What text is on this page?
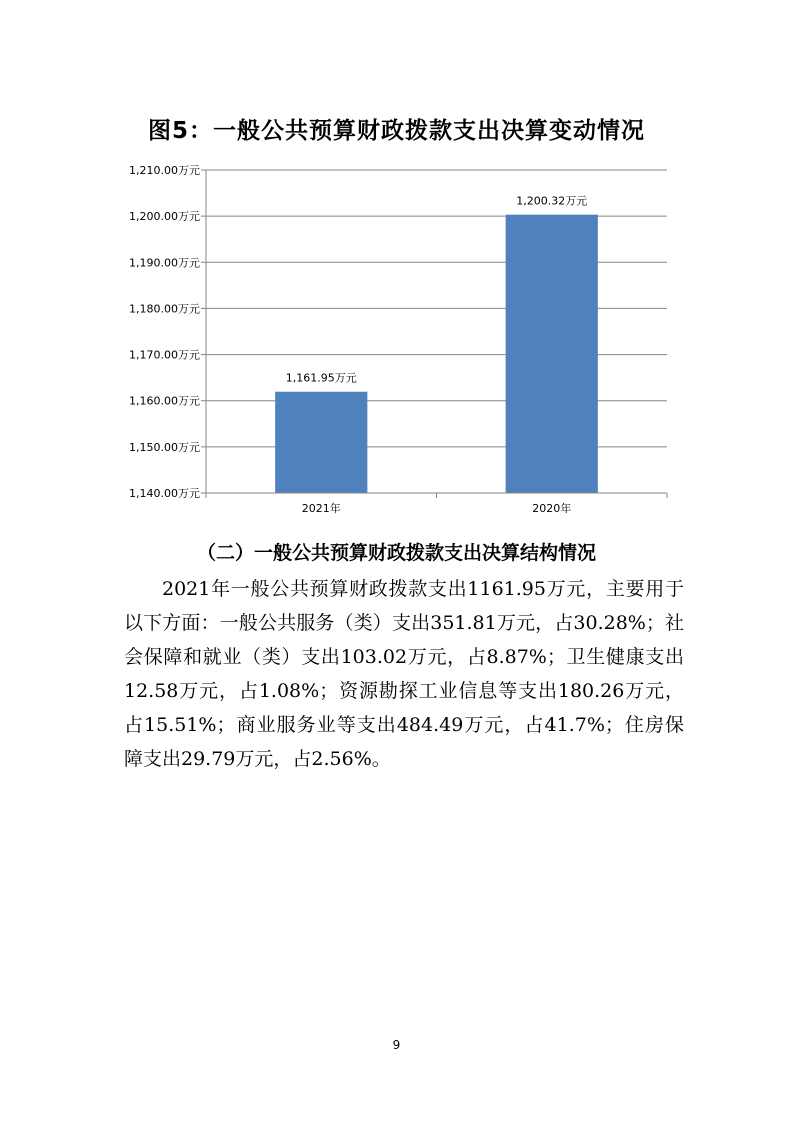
图5：一般公共预算财政拨款支出决算变动情况
1,140.00万元
1,150.00万元
1,160.00万元
1,170.00万元
1,180.00万元
1,190.00万元
1,200.00万元
1,210.00万元
2021年	2020年
1,161.95万元
1,200.32万元
（二）一般公共预算财政拨款支出决算结构情况

2021年一般公共预算财政拨款支出1161.95万元，主要用于以下方面：一般公共服务（类）支出351.81万元，占30.28%；社会保障和就业（类）支出103.02万元，占8.87%；卫生健康支出12.58万元，占1.08%；资源勘探工业信息等支出180.26万元，占15.51%；商业服务业等支出484.49万元，占41.7%；住房保障支出29.79万元，占2.56%。

9
